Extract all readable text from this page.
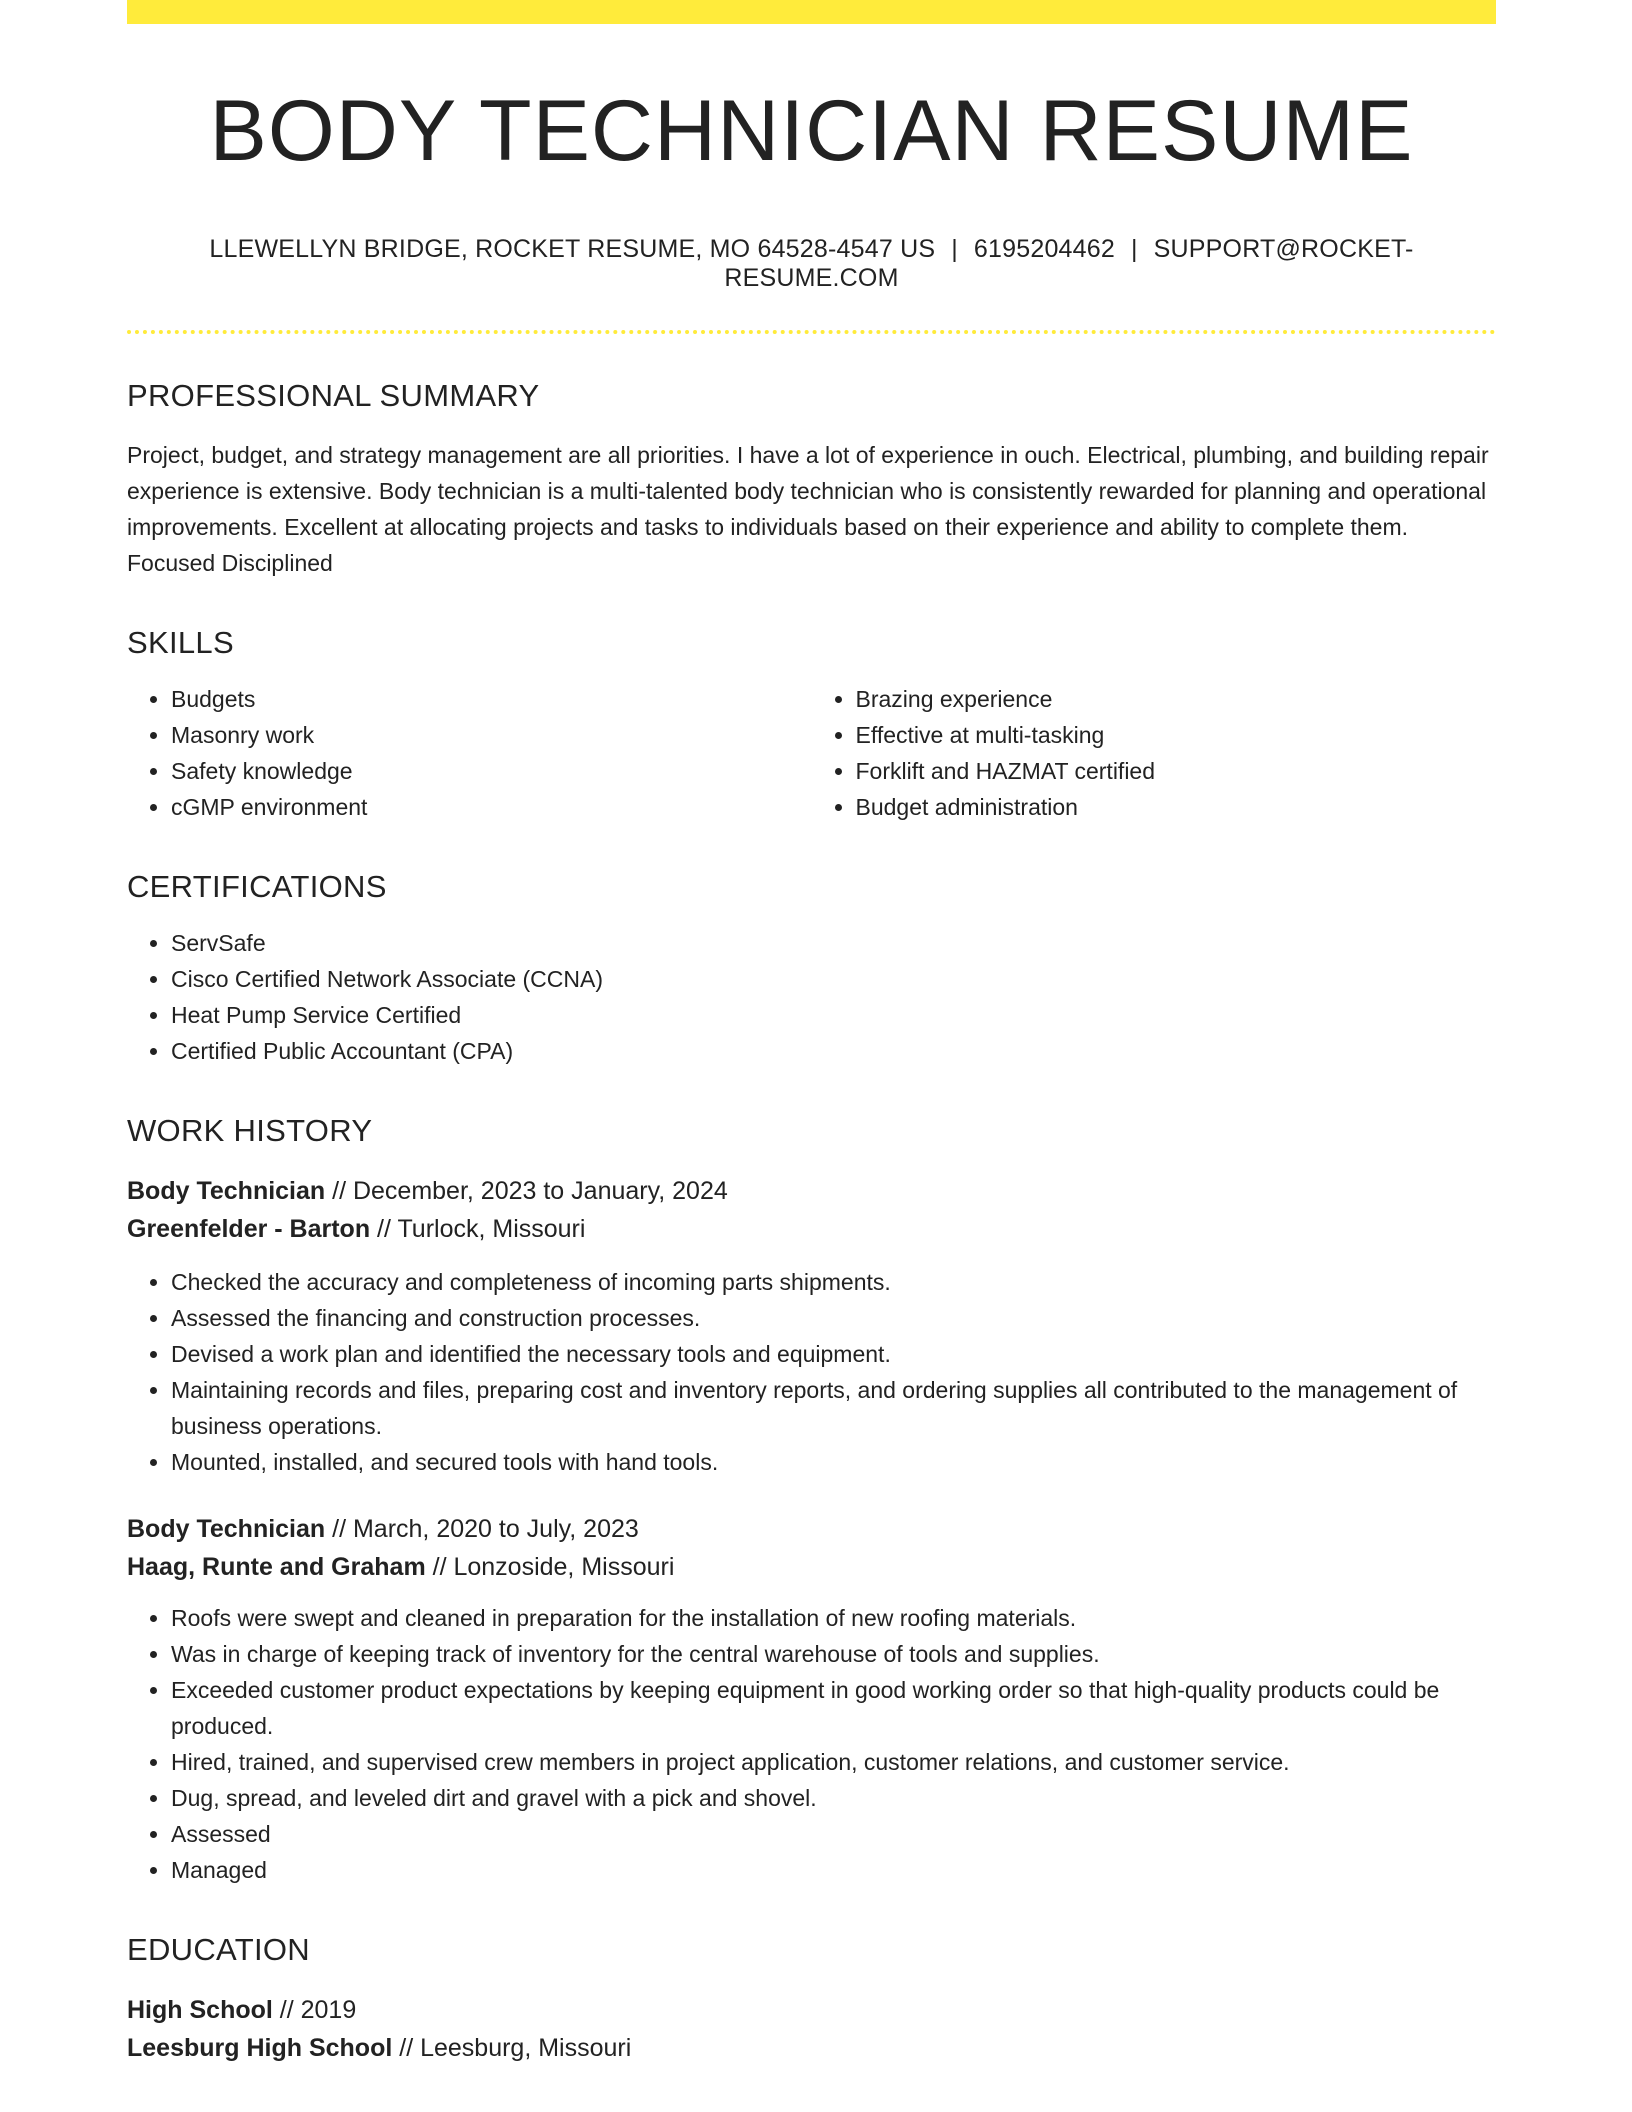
BODY TECHNICIAN RESUME
LLEWELLYN BRIDGE, ROCKET RESUME, MO 64528-4547 US | 6195204462 | SUPPORT@ROCKET-RESUME.COM
PROFESSIONAL SUMMARY

Project, budget, and strategy management are all priorities. I have a lot of experience in ouch. Electrical, plumbing, and building repair experience is extensive. Body technician is a multi-talented body technician who is consistently rewarded for planning and operational improvements. Excellent at allocating projects and tasks to individuals based on their experience and ability to complete them. Focused Disciplined

SKILLS
• Budgets
• Masonry work
• Safety knowledge
• cGMP environment
• Brazing experience
• Effective at multi-tasking
• Forklift and HAZMAT certified
• Budget administration
CERTIFICATIONS
• ServSafe
• Cisco Certified Network Associate (CCNA)
• Heat Pump Service Certified
• Certified Public Accountant (CPA)
WORK HISTORY
Body Technician // December, 2023 to January, 2024
Greenfelder - Barton // Turlock, Missouri
• Checked the accuracy and completeness of incoming parts shipments.
• Assessed the financing and construction processes.
• Devised a work plan and identified the necessary tools and equipment.
• Maintaining records and files, preparing cost and inventory reports, and ordering supplies all contributed to the management of business operations.
• Mounted, installed, and secured tools with hand tools.
Body Technician // March, 2020 to July, 2023
Haag, Runte and Graham // Lonzoside, Missouri
• Roofs were swept and cleaned in preparation for the installation of new roofing materials.
• Was in charge of keeping track of inventory for the central warehouse of tools and supplies.
• Exceeded customer product expectations by keeping equipment in good working order so that high-quality products could be produced.
• Hired, trained, and supervised crew members in project application, customer relations, and customer service.
• Dug, spread, and leveled dirt and gravel with a pick and shovel.
• Assessed
• Managed
EDUCATION
High School // 2019
Leesburg High School // Leesburg, Missouri
